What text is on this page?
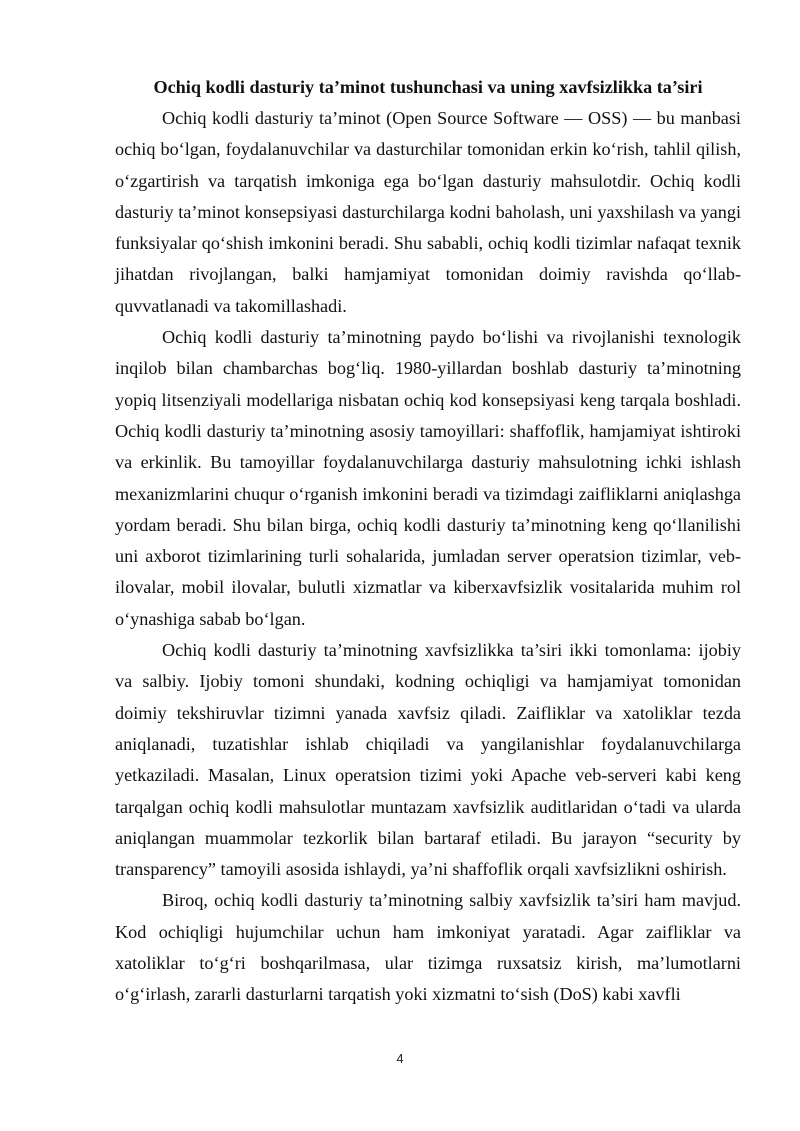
Ochiq kodli dasturiy ta’minot tushunchasi va uning xavfsizlikka ta’siri

Ochiq kodli dasturiy ta’minot (Open Source Software — OSS) — bu manbasi ochiq bo‘lgan, foydalanuvchilar va dasturchilar tomonidan erkin ko‘rish, tahlil qilish, o‘zgartirish va tarqatish imkoniga ega bo‘lgan dasturiy mahsulotdir. Ochiq kodli dasturiy ta’minot konsepsiyasi dasturchilarga kodni baholash, uni yaxshilash va yangi funksiyalar qo‘shish imkonini beradi. Shu sababli, ochiq kodli tizimlar nafaqat texnik jihatdan rivojlangan, balki hamjamiyat tomonidan doimiy ravishda qo‘llab-quvvatlanadi va takomillashadi.

Ochiq kodli dasturiy ta’minotning paydo bo‘lishi va rivojlanishi texnologik inqilob bilan chambarchas bog‘liq. 1980-yillardan boshlab dasturiy ta’minotning yopiq litsenziyali modellariga nisbatan ochiq kod konsepsiyasi keng tarqala boshladi. Ochiq kodli dasturiy ta’minotning asosiy tamoyillari: shaffoflik, hamjamiyat ishtiroki va erkinlik. Bu tamoyillar foydalanuvchilarga dasturiy mahsulotning ichki ishlash mexanizmlarini chuqur o‘rganish imkonini beradi va tizimdagi zaifliklarni aniqlashga yordam beradi. Shu bilan birga, ochiq kodli dasturiy ta’minotning keng qo‘llanilishi uni axborot tizimlarining turli sohalarida, jumladan server operatsion tizimlar, veb-ilovalar, mobil ilovalar, bulutli xizmatlar va kiberxavfsizlik vositalarida muhim rol o‘ynashiga sabab bo‘lgan.

Ochiq kodli dasturiy ta’minotning xavfsizlikka ta’siri ikki tomonlama: ijobiy va salbiy. Ijobiy tomoni shundaki, kodning ochiqligi va hamjamiyat tomonidan doimiy tekshiruvlar tizimni yanada xavfsiz qiladi. Zaifliklar va xatoliklar tezda aniqlanadi, tuzatishlar ishlab chiqiladi va yangilanishlar foydalanuvchilarga yetkaziladi. Masalan, Linux operatsion tizimi yoki Apache veb-serveri kabi keng tarqalgan ochiq kodli mahsulotlar muntazam xavfsizlik auditlaridan o‘tadi va ularda aniqlangan muammolar tezkorlik bilan bartaraf etiladi. Bu jarayon “security by transparency” tamoyili asosida ishlaydi, ya’ni shaffoflik orqali xavfsizlikni oshirish.

Biroq, ochiq kodli dasturiy ta’minotning salbiy xavfsizlik ta’siri ham mavjud. Kod ochiqligi hujumchilar uchun ham imkoniyat yaratadi. Agar zaifliklar va xatoliklar to‘g‘ri boshqarilmasa, ular tizimga ruxsatsiz kirish, ma’lumotlarni o‘g‘irlash, zararli dasturlarni tarqatish yoki xizmatni to‘sish (DoS) kabi xavfli

4
